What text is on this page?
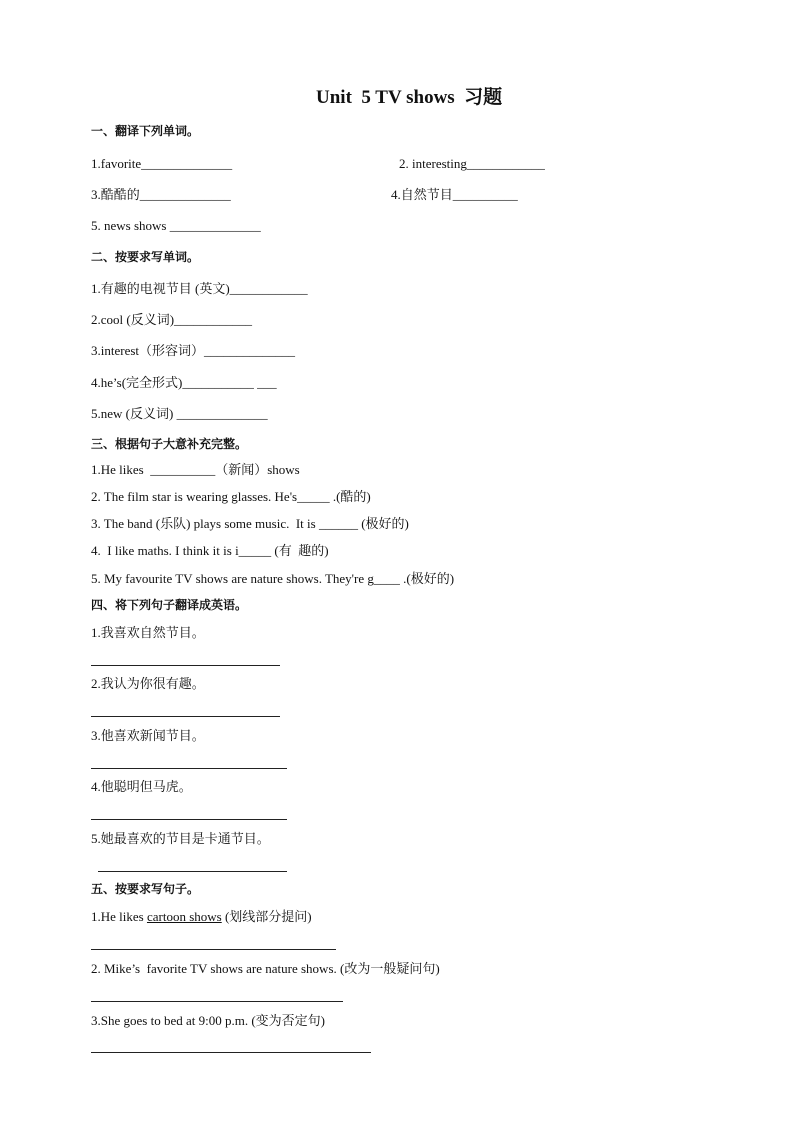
Unit  5 TV shows  习题
一、翻译下列单词。
1.favorite______________	2. interesting____________
3.酷酷的______________	4.自然节目__________
5. news shows ______________
二、按要求写单词。
1.有趣的电视节目 (英文)____________
2.cool (反义词)____________
3.interest（形容词）______________
4.he’s(完全形式)___________ ___
5.new (反义词) ______________
三、根据句子大意补充完整。
1.He likes  __________（新闻）shows
2. The film star is wearing glasses. He's_____ .(酷的)
3. The band (乐队) plays some music.  It is ______ (极好的)
4.  I like maths. I think it is i_____ (有  趣的)
5. My favourite TV shows are nature shows. They're g____ .(极好的)
四、将下列句子翻译成英语。
1.我喜欢自然节目。
2.我认为你很有趣。
3.他喜欢新闻节目。
4.他聪明但马虎。
5.她最喜欢的节目是卡通节目。
五、按要求写句子。
1.He likes cartoon shows (划线部分提问)
2. Mike’s  favorite TV shows are nature shows. (改为一般疑问句)
3.She goes to bed at 9:00 p.m. (变为否定句)
